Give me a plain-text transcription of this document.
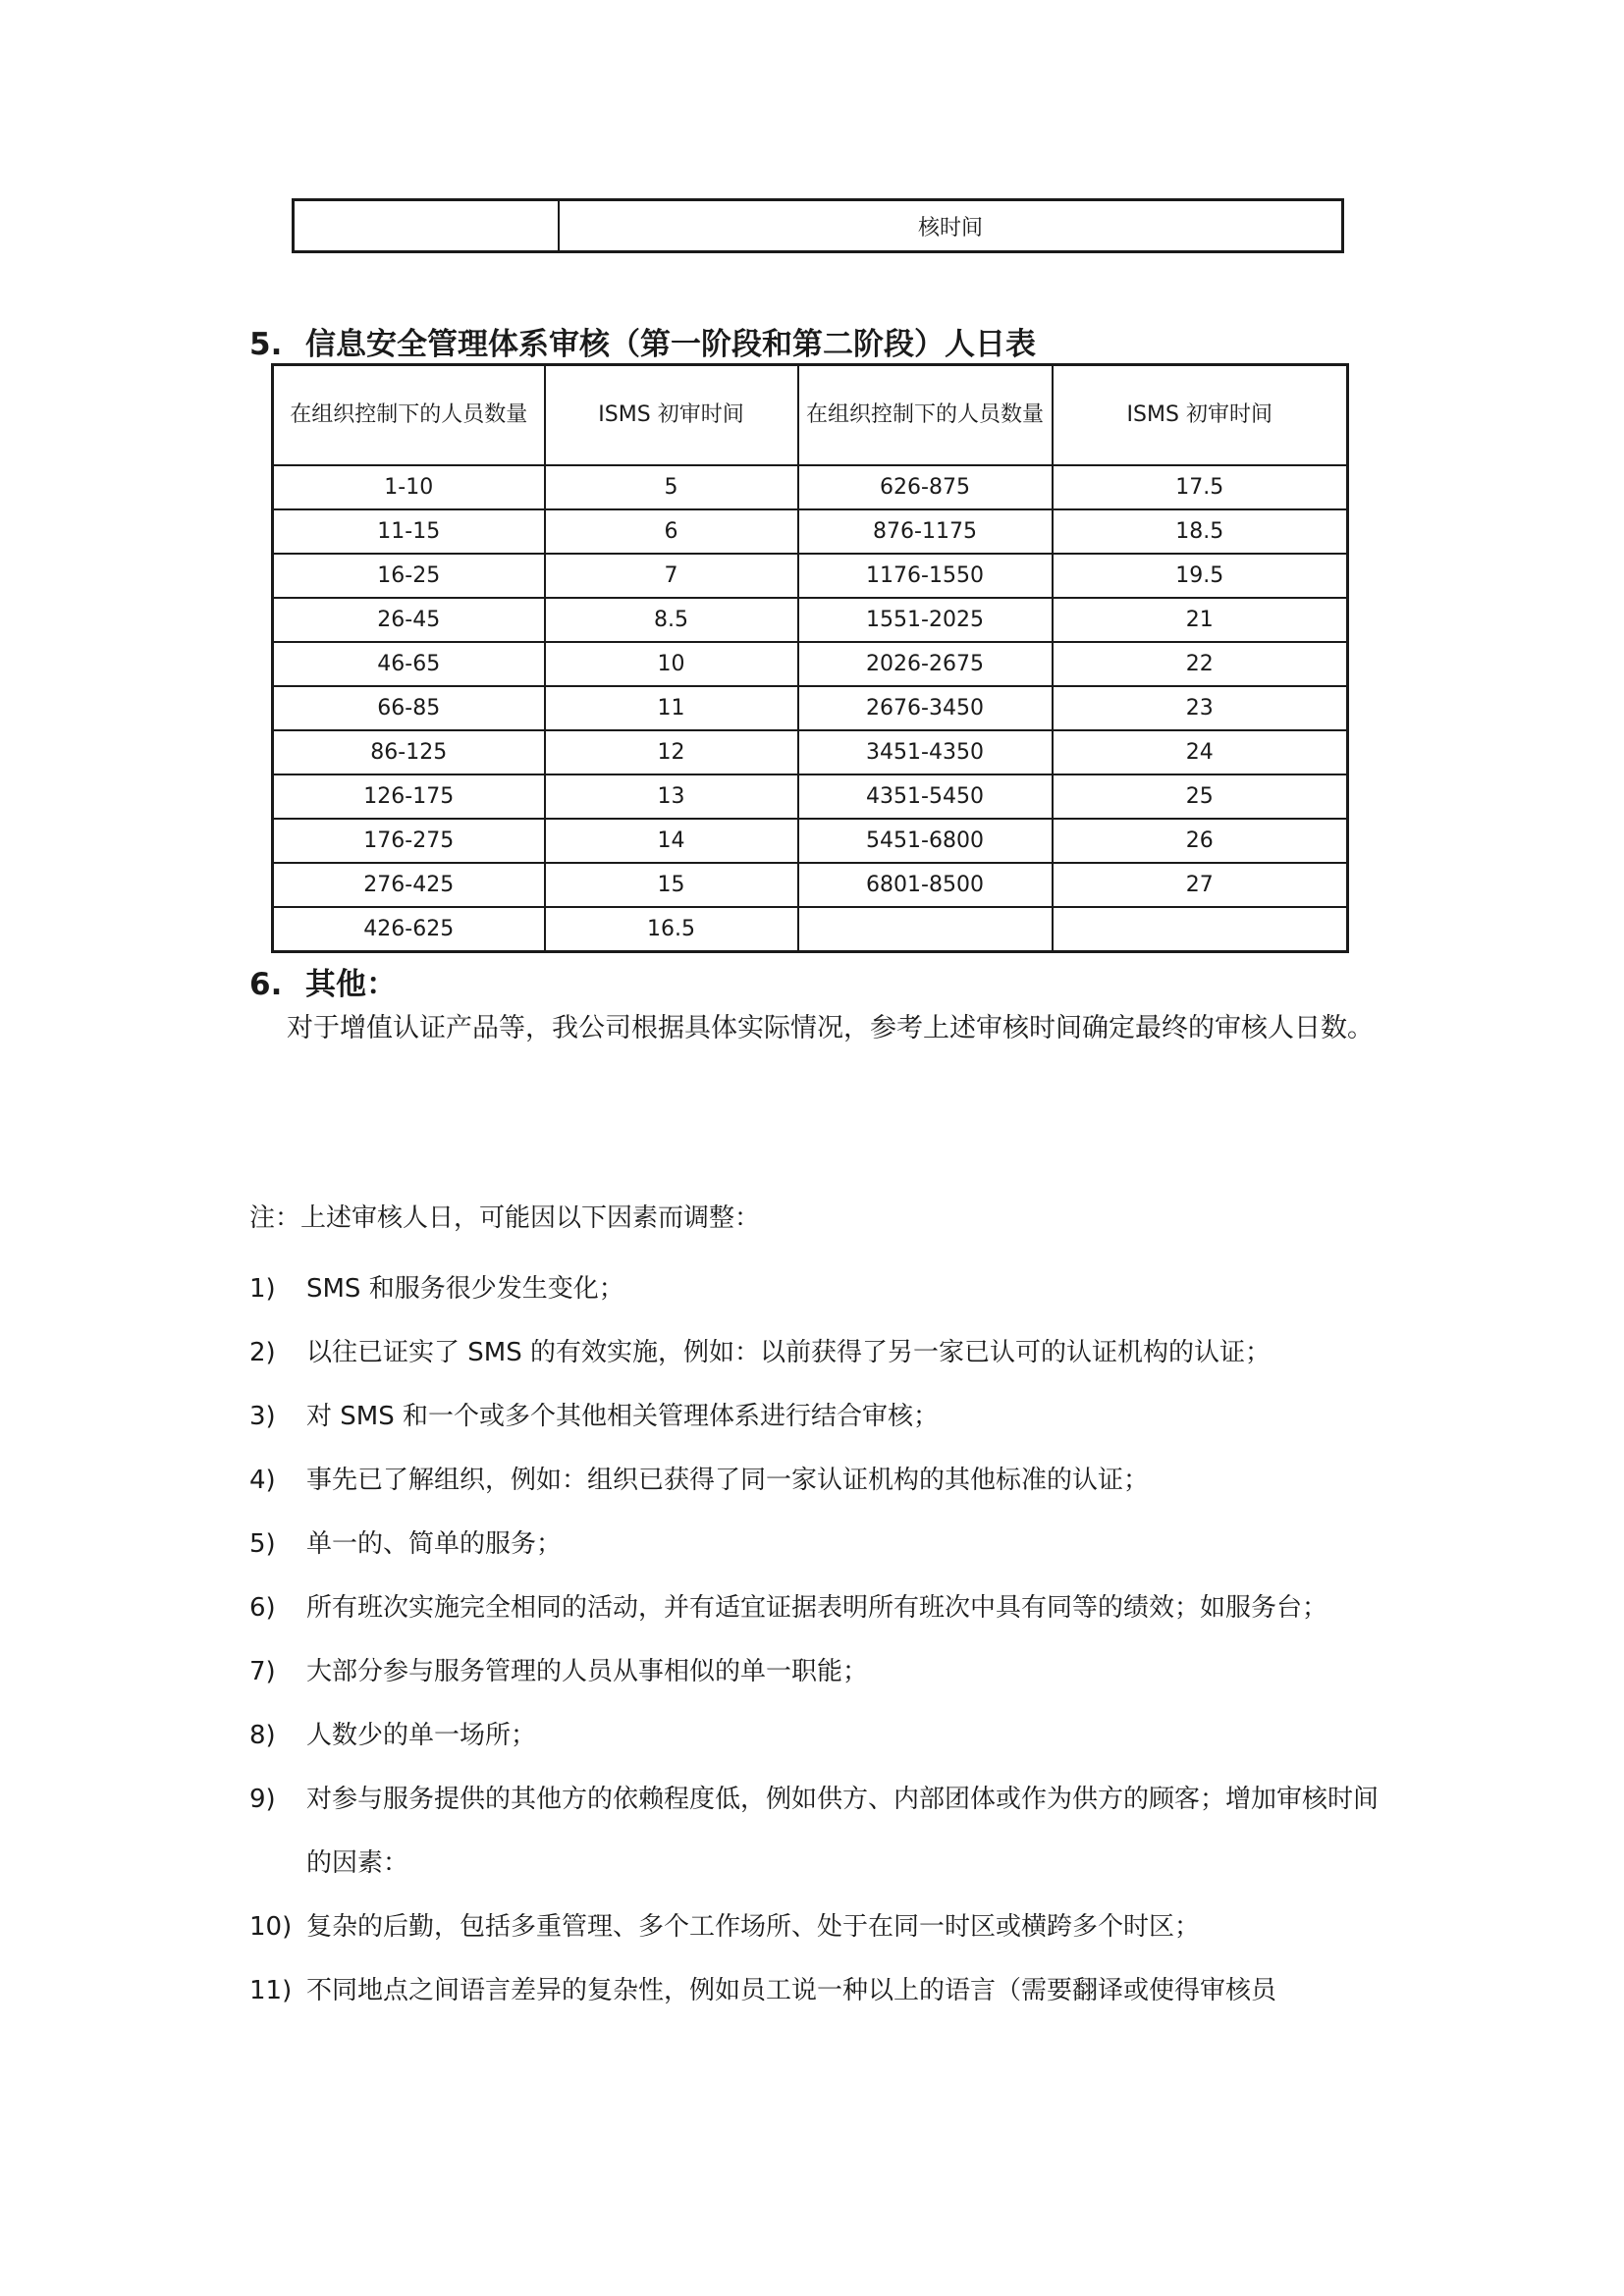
核时间
5. 信息安全管理体系审核（第一阶段和第二阶段）人日表
在组织控制下的人员数量	ISMS 初审时间	在组织控制下的人员数量	ISMS 初审时间
1-10	5	626-875	17.5
11-15	6	876-1175	18.5
16-25	7	1176-1550	19.5
26-45	8.5	1551-2025	21
46-65	10	2026-2675	22
66-85	11	2676-3450	23
86-125	12	3451-4350	24
126-175	13	4351-5450	25
176-275	14	5451-6800	26
276-425	15	6801-8500	27
426-625	16.5		
6. 其他：

对于增值认证产品等，我公司根据具体实际情况，参考上述审核时间确定最终的审核人日数。

注：上述审核人日，可能因以下因素而调整：
1)	SMS 和服务很少发生变化；
2)	以往已证实了 SMS 的有效实施，例如：以前获得了另一家已认可的认证机构的认证；
3)	对 SMS 和一个或多个其他相关管理体系进行结合审核；
4)	事先已了解组织，例如：组织已获得了同一家认证机构的其他标准的认证；
5)	单一的、简单的服务；
6)	所有班次实施完全相同的活动，并有适宜证据表明所有班次中具有同等的绩效；如服务台；
7)	大部分参与服务管理的人员从事相似的单一职能；
8)	人数少的单一场所；
9)	对参与服务提供的其他方的依赖程度低，例如供方、内部团体或作为供方的顾客；增加审核时间的因素：
10) 复杂的后勤，包括多重管理、多个工作场所、处于在同一时区或横跨多个时区；
11) 不同地点之间语言差异的复杂性，例如员工说一种以上的语言（需要翻译或使得审核员
